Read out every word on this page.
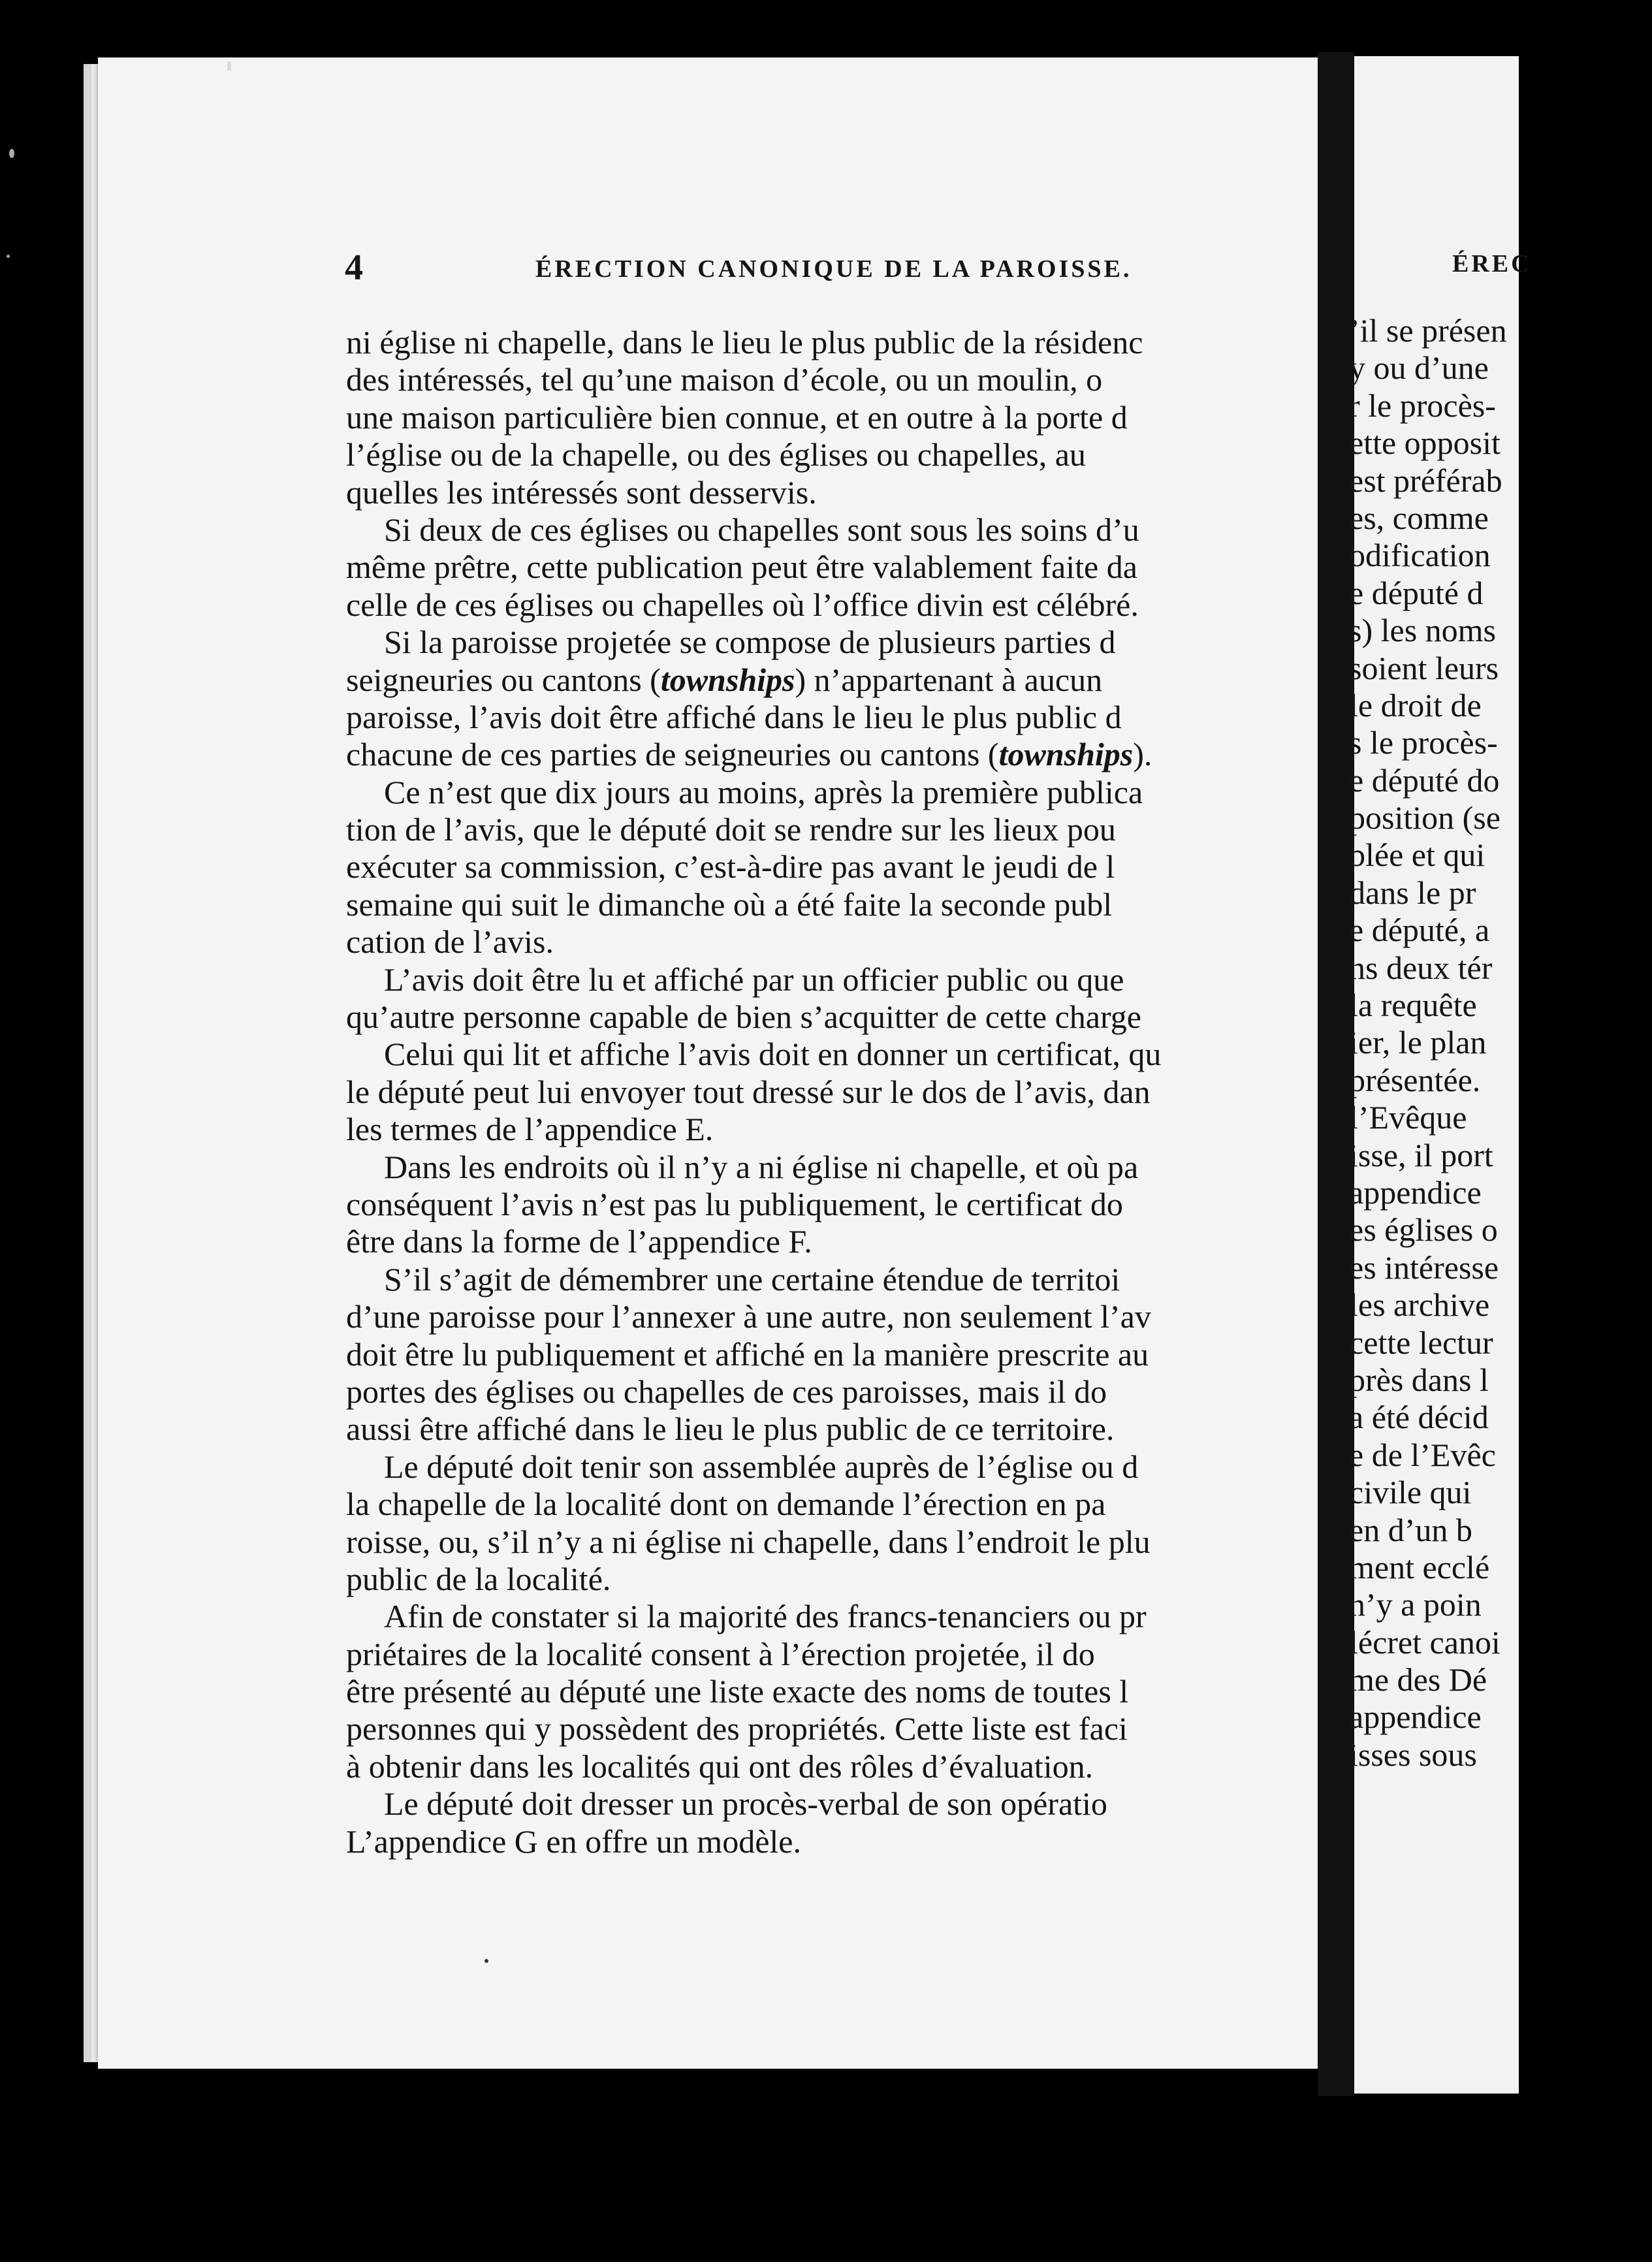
4	ÉRECTION CANONIQUE DE LA PAROISSE.
ni église ni chapelle, dans le lieu le plus public de la résidenc
des intéressés, tel qu’une maison d’école, ou un moulin, o
une maison particulière bien connue, et en outre à la porte d
l’église ou de la chapelle, ou des églises ou chapelles, au
quelles les intéressés sont desservis.
Si deux de ces églises ou chapelles sont sous les soins d’u
même prêtre, cette publication peut être valablement faite da
celle de ces églises ou chapelles où l’office divin est célébré.
Si la paroisse projetée se compose de plusieurs parties d
seigneuries ou cantons (townships) n’appartenant à aucun
paroisse, l’avis doit être affiché dans le lieu le plus public d
chacune de ces parties de seigneuries ou cantons (townships).
Ce n’est que dix jours au moins, après la première publica
tion de l’avis, que le député doit se rendre sur les lieux pou
exécuter sa commission, c’est-à-dire pas avant le jeudi de l
semaine qui suit le dimanche où a été faite la seconde publ
cation de l’avis.
L’avis doit être lu et affiché par un officier public ou que
qu’autre personne capable de bien s’acquitter de cette charge
Celui qui lit et affiche l’avis doit en donner un certificat, qu
le député peut lui envoyer tout dressé sur le dos de l’avis, dan
les termes de l’appendice E.
Dans les endroits où il n’y a ni église ni chapelle, et où pa
conséquent l’avis n’est pas lu publiquement, le certificat do
être dans la forme de l’appendice F.
S’il s’agit de démembrer une certaine étendue de territoi
d’une paroisse pour l’annexer à une autre, non seulement l’av
doit être lu publiquement et affiché en la manière prescrite au
portes des églises ou chapelles de ces paroisses, mais il do
aussi être affiché dans le lieu le plus public de ce territoire.
Le député doit tenir son assemblée auprès de l’église ou d
la chapelle de la localité dont on demande l’érection en pa
roisse, ou, s’il n’y a ni église ni chapelle, dans l’endroit le plu
public de la localité.
Afin de constater si la majorité des francs-tenanciers ou pr
priétaires de la localité consent à l’érection projetée, il do
être présenté au député une liste exacte des noms de toutes l
personnes qui y possèdent des propriétés. Cette liste est faci
à obtenir dans les localités qui ont des rôles d’évaluation.
Le député doit dresser un procès-verbal de son opératio
L’appendice G en offre un modèle.
ÉREC
’il se présen
y ou d’une
r le procès-
ette opposit
est préférab
es, comme
odification
e député d
s) les noms
soient leurs
le droit de
s le procès-
e député do
position (se
blée et qui
dans le pr
e député, a
ns deux tér
la requête
ier, le plan
présentée.
l’Evêque
isse, il port
appendice
es églises o
es intéresse
les archive
cette lectur
près dans l
a été décid
e de l’Evêc
civile qui
en d’un b
ment ecclé
n’y a poin
lécret canoi
me des Dé
appendice
isses sous
